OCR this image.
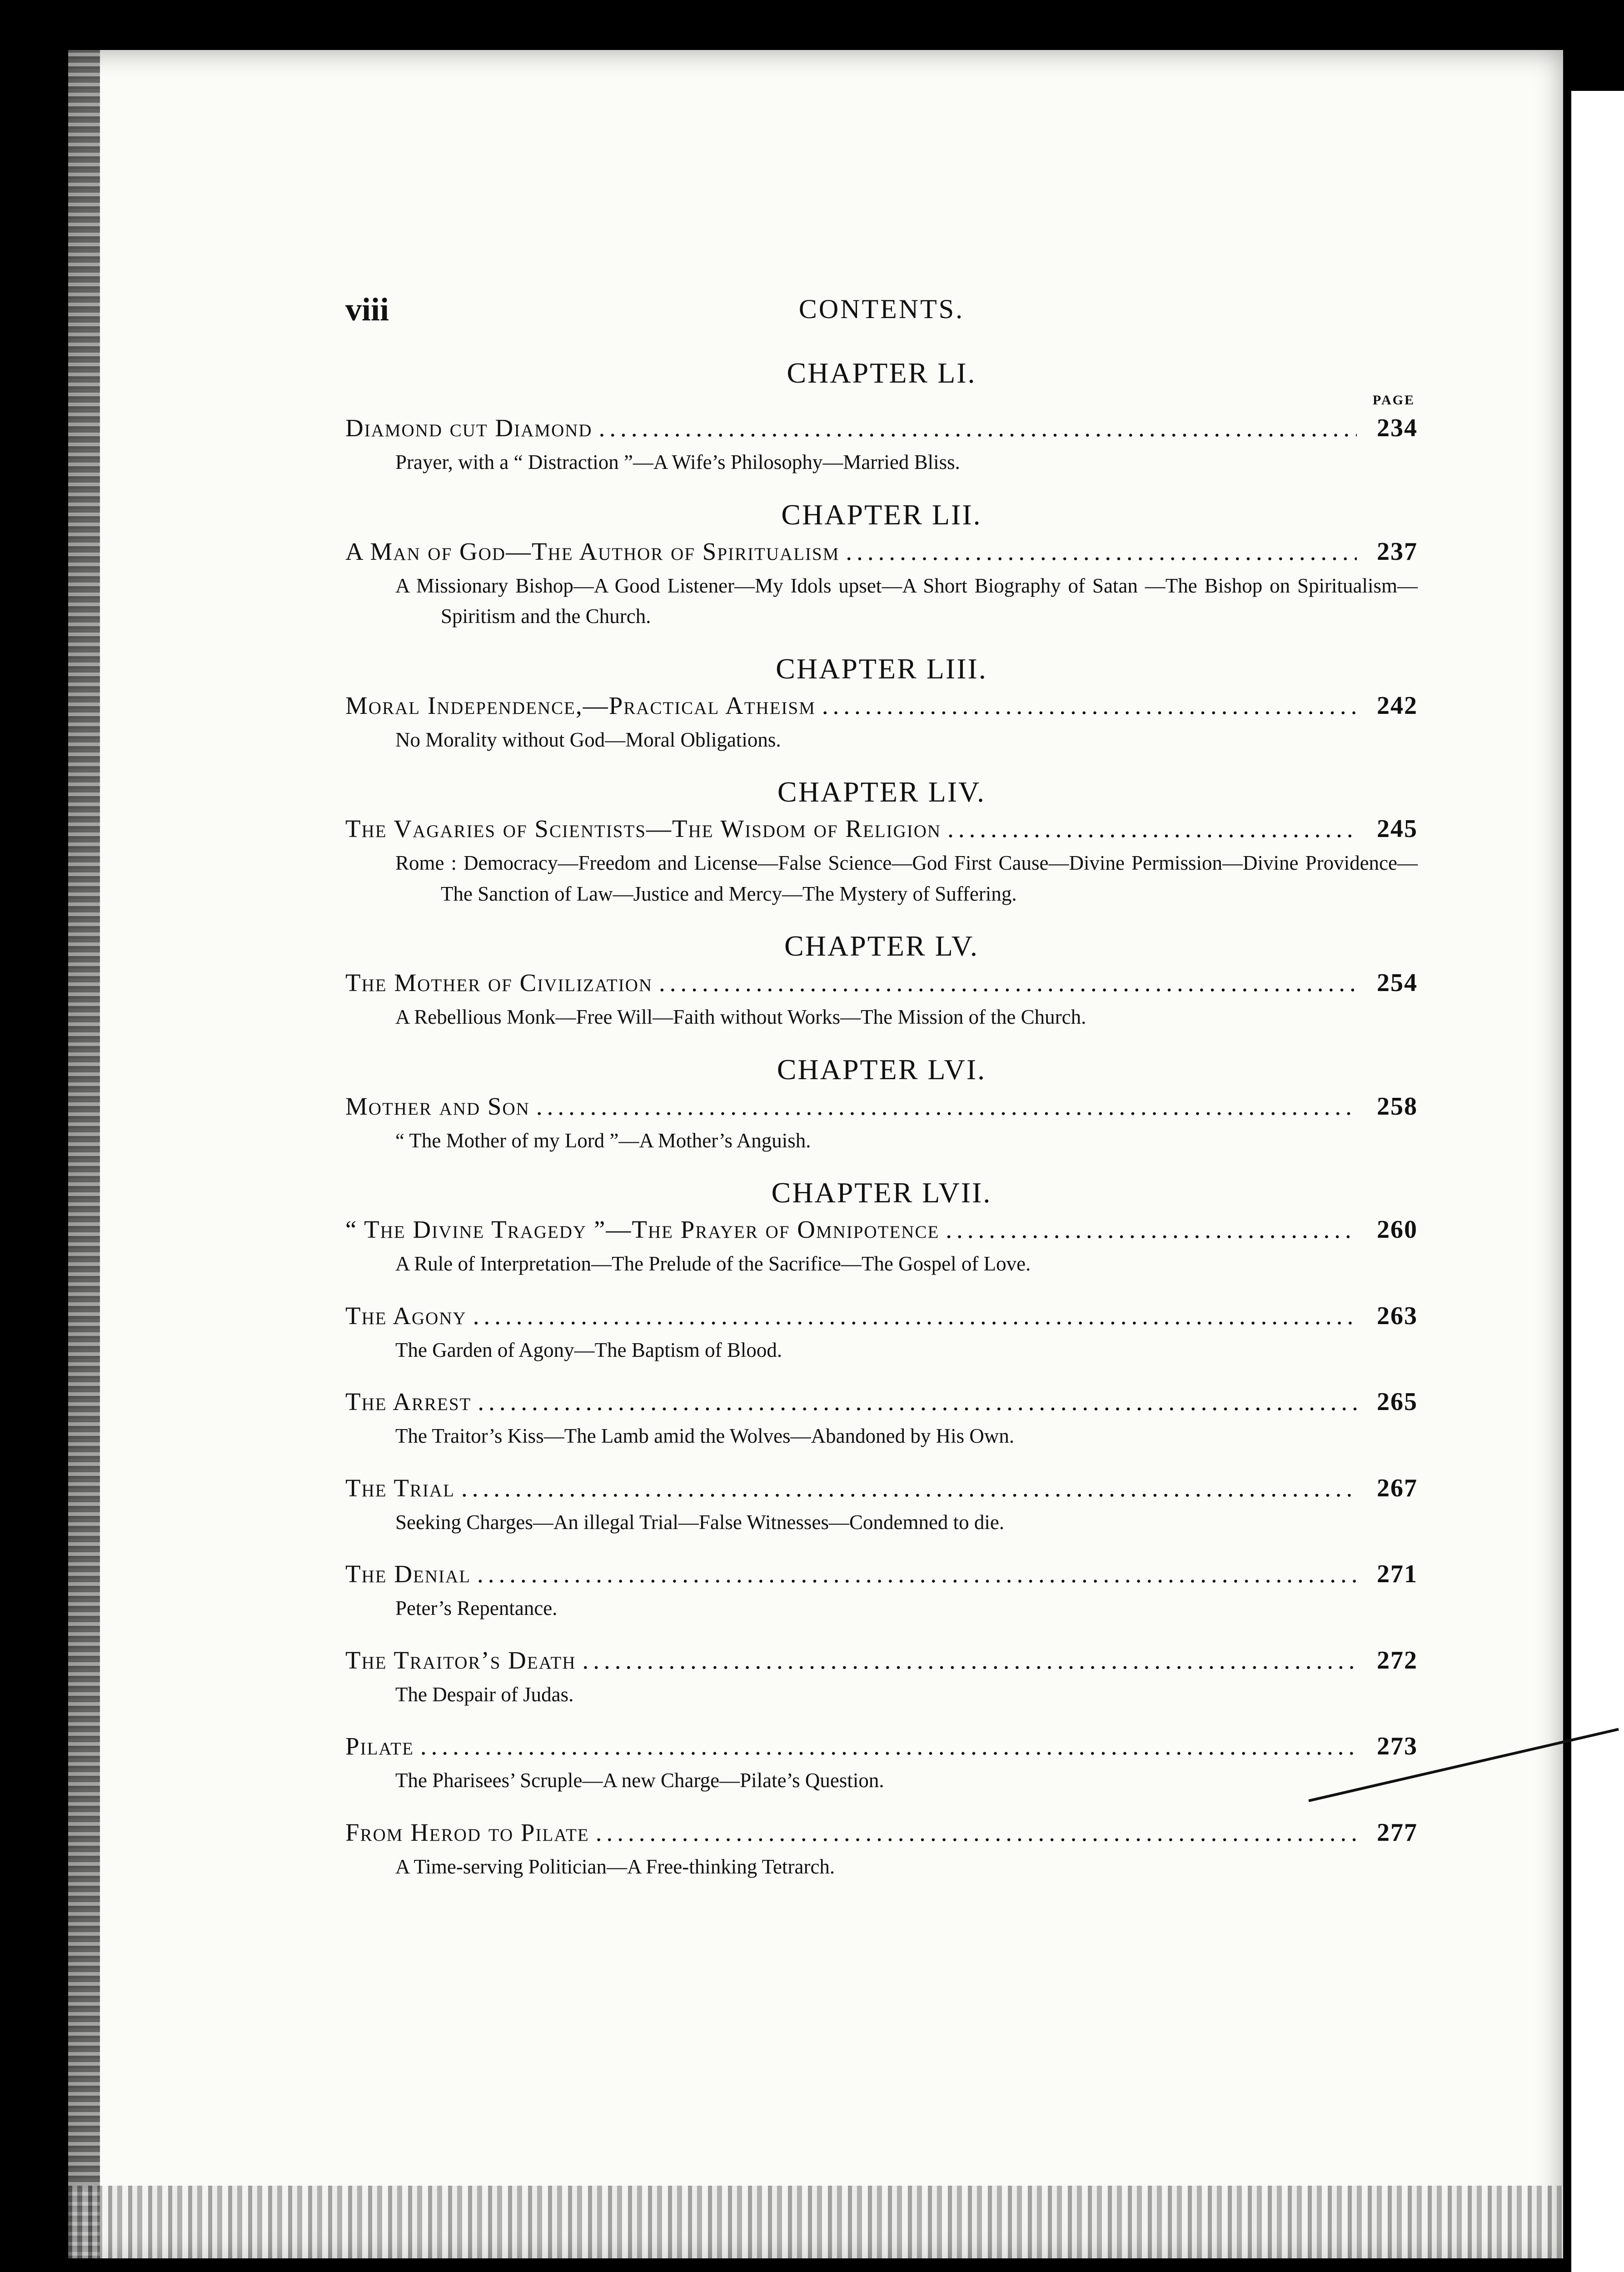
viii	CONTENTS.
CHAPTER LI.
PAGE
Diamond cut Diamond .....	234
Prayer, with a “ Distraction ”—A Wife’s Philosophy—Married Bliss.
CHAPTER LII.
A Man of God—The Author of Spiritualism .....	237
A Missionary Bishop—A Good Listener—My Idols upset—A Short Biography of Satan —The Bishop on Spiritualism—Spiritism and the Church.
CHAPTER LIII.
Moral Independence,—Practical Atheism .....	242
No Morality without God—Moral Obligations.
CHAPTER LIV.
The Vagaries of Scientists—The Wisdom of Religion .....	245
Rome : Democracy—Freedom and License—False Science—God First Cause—Divine Permission—Divine Providence—The Sanction of Law—Justice and Mercy—The Mystery of Suffering.
CHAPTER LV.
The Mother of Civilization .....	254
A Rebellious Monk—Free Will—Faith without Works—The Mission of the Church.
CHAPTER LVI.
Mother and Son .....	258
“ The Mother of my Lord ”—A Mother’s Anguish.
CHAPTER LVII.
“ The Divine Tragedy ”—The Prayer of Omnipotence .....	260
A Rule of Interpretation—The Prelude of the Sacrifice—The Gospel of Love.
The Agony .....	263
The Garden of Agony—The Baptism of Blood.
The Arrest .....	265
The Traitor’s Kiss—The Lamb amid the Wolves—Abandoned by His Own.
The Trial .....	267
Seeking Charges—An illegal Trial—False Witnesses—Condemned to die.
The Denial .....	271
Peter’s Repentance.
The Traitor’s Death .....	272
The Despair of Judas.
Pilate .....	273
The Pharisees’ Scruple—A new Charge—Pilate’s Question.
From Herod to Pilate .....	277
A Time-serving Politician—A Free-thinking Tetrarch.
